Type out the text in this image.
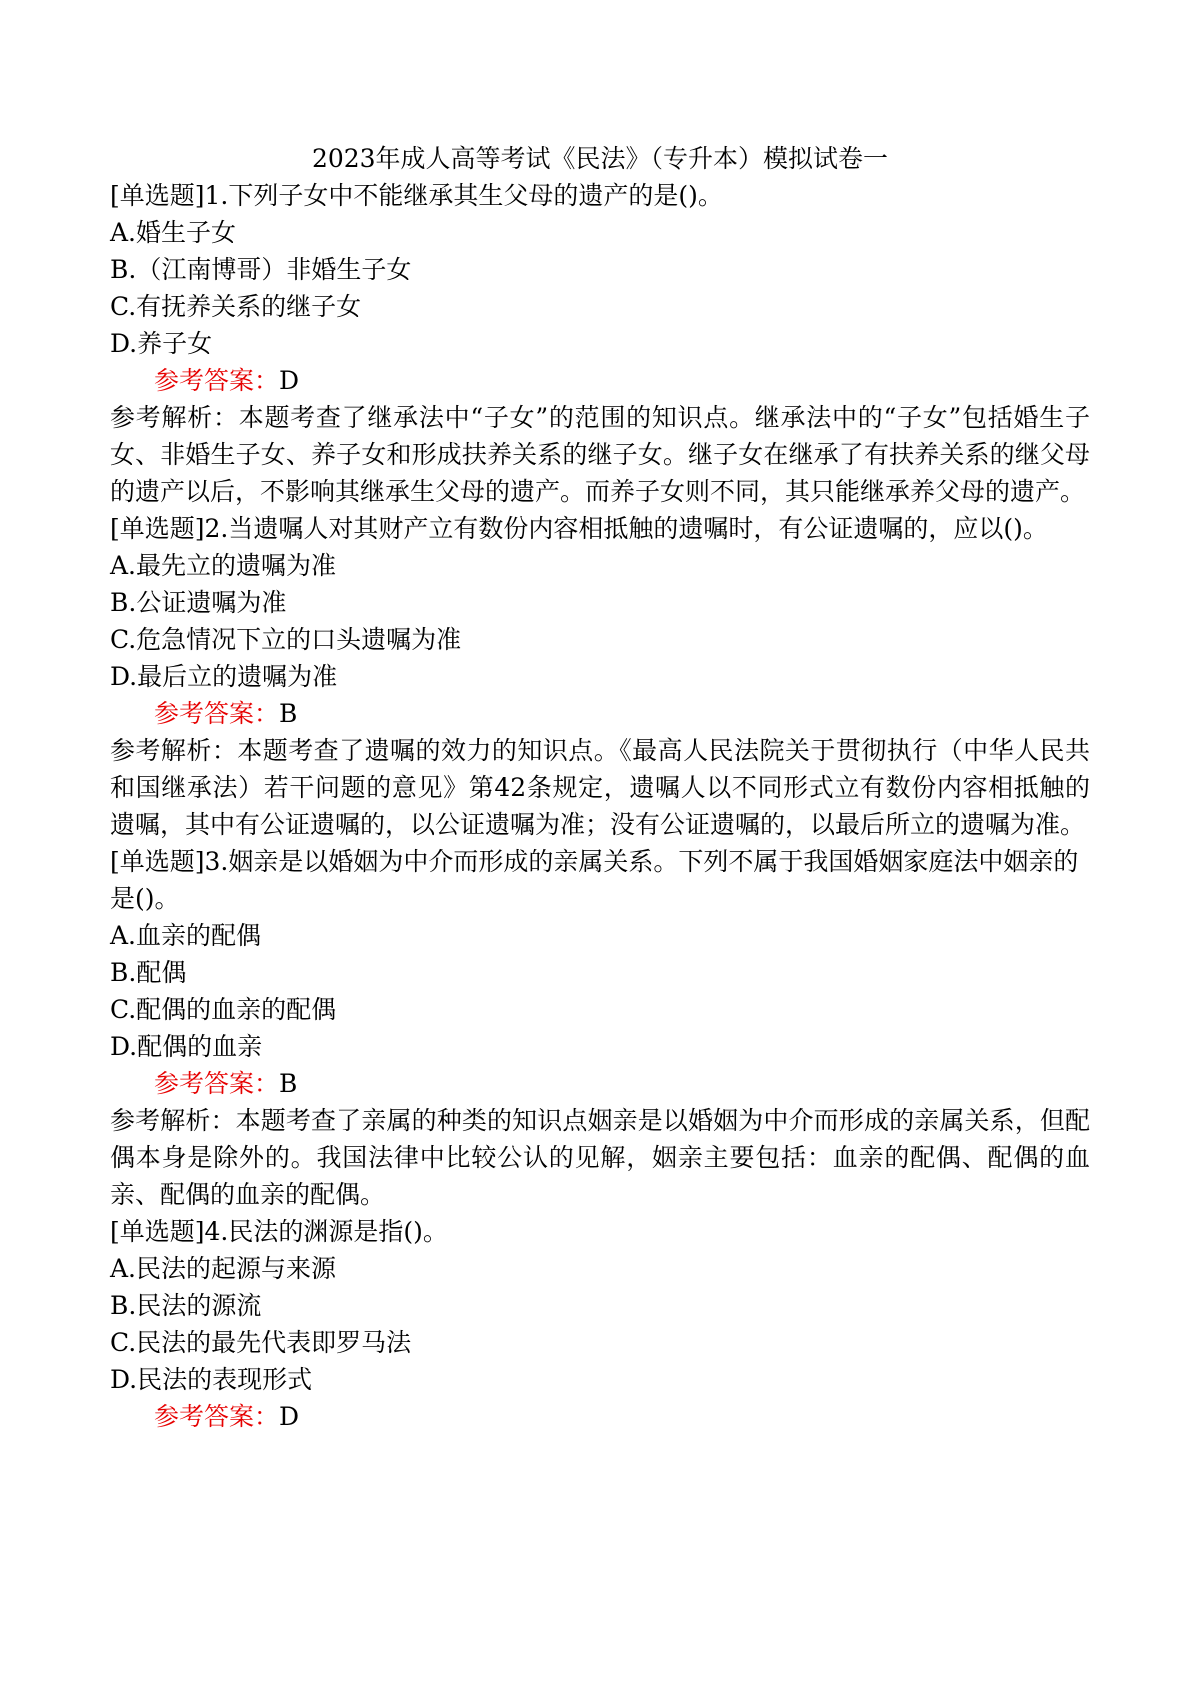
2023年成人高等考试《民法》（专升本）模拟试卷一

[单选题]1.下列子女中不能继承其生父母的遗产的是()。

A.婚生子女

B.（江南博哥）非婚生子女

C.有抚养关系的继子女

D.养子女

参考答案：D

参考解析：本题考查了继承法中“子女”的范围的知识点。继承法中的“子女”包括婚生子女、非婚生子女、养子女和形成扶养关系的继子女。继子女在继承了有扶养关系的继父母的遗产以后，不影响其继承生父母的遗产。而养子女则不同，其只能继承养父母的遗产。

[单选题]2.当遗嘱人对其财产立有数份内容相抵触的遗嘱时，有公证遗嘱的，应以()。

A.最先立的遗嘱为准

B.公证遗嘱为准

C.危急情况下立的口头遗嘱为准

D.最后立的遗嘱为准

参考答案：B

参考解析：本题考查了遗嘱的效力的知识点。《最高人民法院关于贯彻执行（中华人民共和国继承法）若干问题的意见》第42条规定，遗嘱人以不同形式立有数份内容相抵触的遗嘱，其中有公证遗嘱的，以公证遗嘱为准；没有公证遗嘱的，以最后所立的遗嘱为准。

[单选题]3.姻亲是以婚姻为中介而形成的亲属关系。下列不属于我国婚姻家庭法中姻亲的是()。

A.血亲的配偶

B.配偶

C.配偶的血亲的配偶

D.配偶的血亲

参考答案：B

参考解析：本题考查了亲属的种类的知识点姻亲是以婚姻为中介而形成的亲属关系，但配偶本身是除外的。我国法律中比较公认的见解，姻亲主要包括：血亲的配偶、配偶的血亲、配偶的血亲的配偶。

[单选题]4.民法的渊源是指()。

A.民法的起源与来源

B.民法的源流

C.民法的最先代表即罗马法

D.民法的表现形式

参考答案：D
